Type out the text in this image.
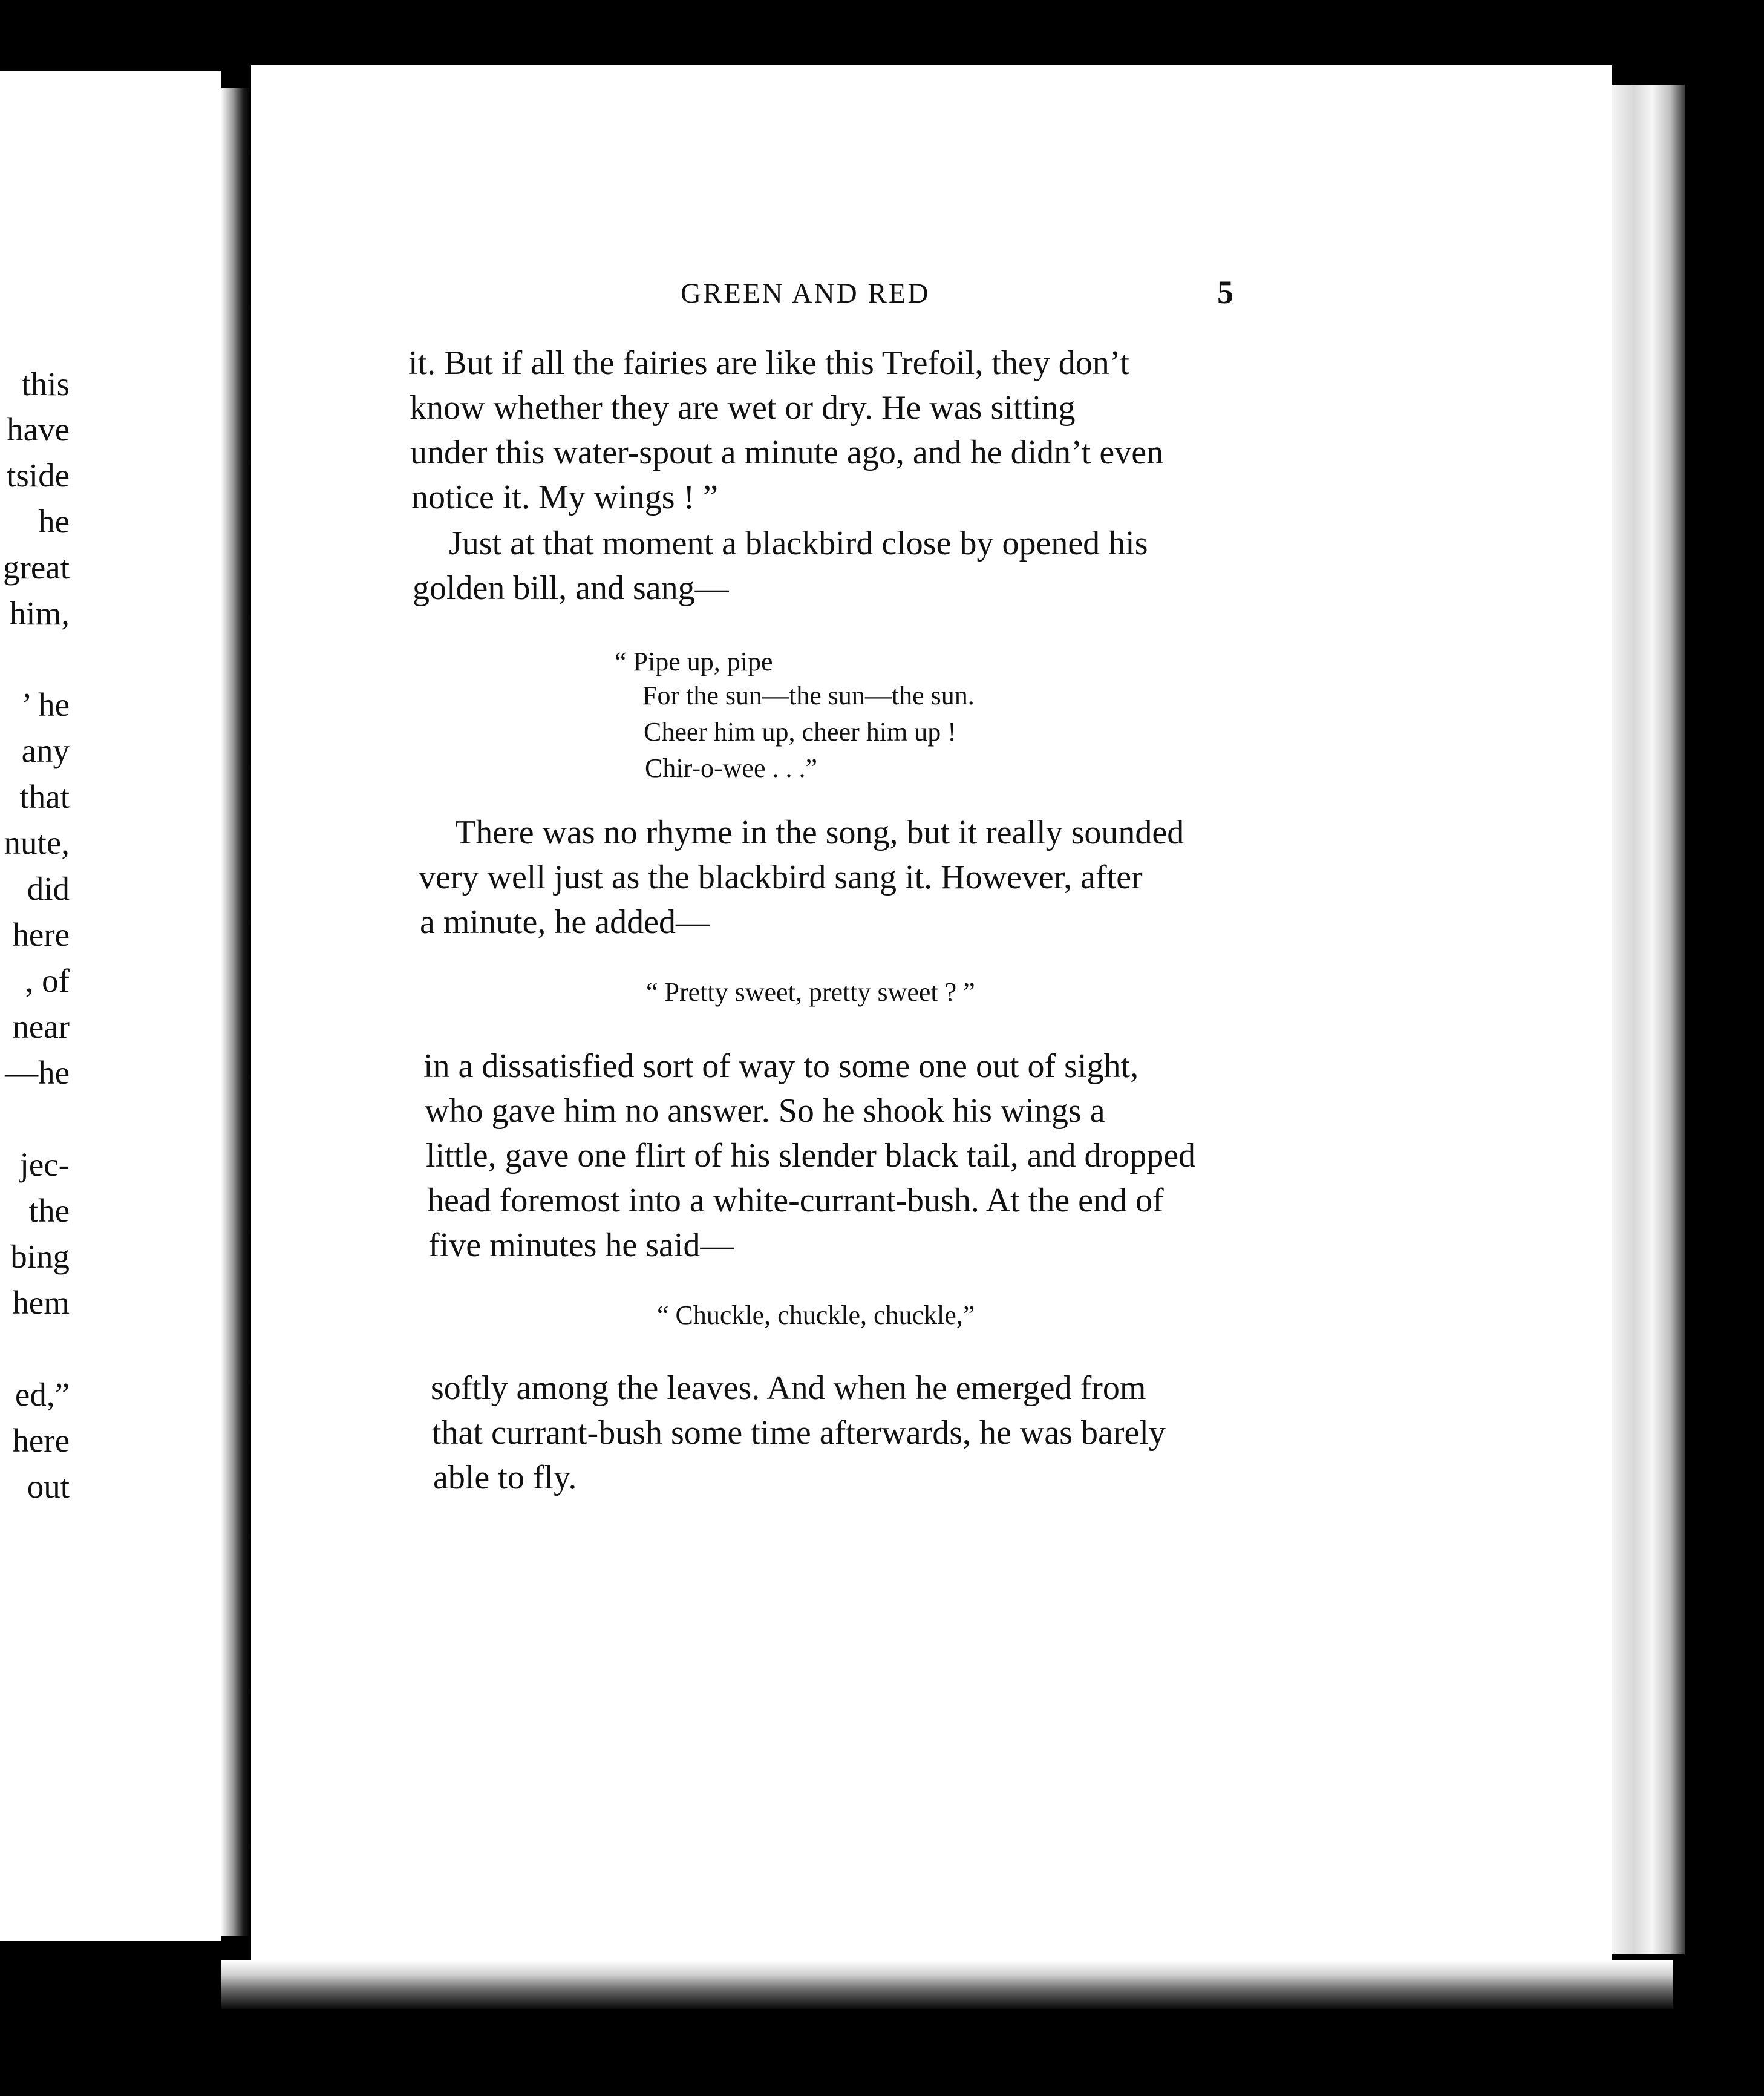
this
have
tside
he
great
him,
’ he
any
that
nute,
did
here
, of
near
—he
jec-
the
bing
hem
ed,”
here
out
GREEN AND RED	5
it. But if all the fairies are like this Trefoil, they don’t
know whether they are wet or dry. He was sitting
under this water-spout a minute ago, and he didn’t even
notice it. My wings ! ”
Just at that moment a blackbird close by opened his
golden bill, and sang—
“ Pipe up, pipe
For the sun—the sun—the sun.
Cheer him up, cheer him up !
Chir-o-wee . . .”
There was no rhyme in the song, but it really sounded
very well just as the blackbird sang it. However, after
a minute, he added—
“ Pretty sweet, pretty sweet ? ”
in a dissatisfied sort of way to some one out of sight,
who gave him no answer. So he shook his wings a
little, gave one flirt of his slender black tail, and dropped
head foremost into a white-currant-bush. At the end of
five minutes he said—
“ Chuckle, chuckle, chuckle,”
softly among the leaves. And when he emerged from
that currant-bush some time afterwards, he was barely
able to fly.
